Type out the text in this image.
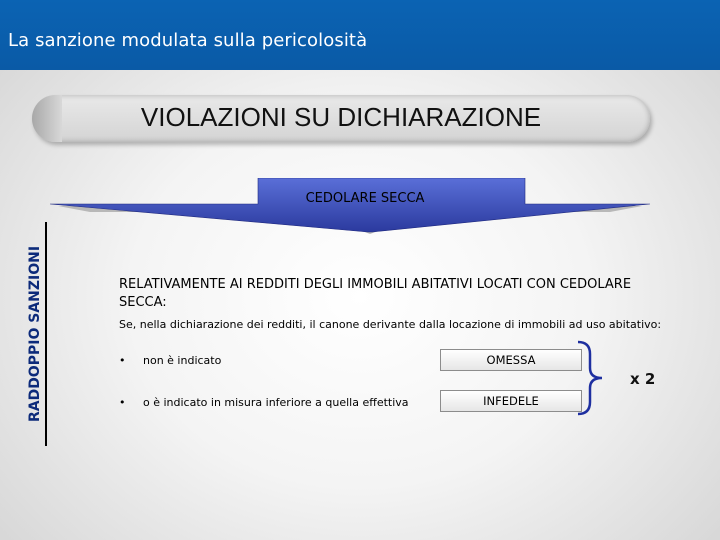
La sanzione modulata sulla pericolosità
VIOLAZIONI SU DICHIARAZIONE
CEDOLARE SECCA
RADDOPPIO SANZIONI	RELATIVAMENTE AI REDDITI DEGLI IMMOBILI ABITATIVI LOCATI CON CEDOLARE SECCA:
Se, nella dichiarazione dei redditi, il canone derivante dalla locazione di immobili ad uso abitativo:
• non è indicato
• o è indicato in misura inferiore a quella effettiva
OMESSA
INFEDELE
x 2
